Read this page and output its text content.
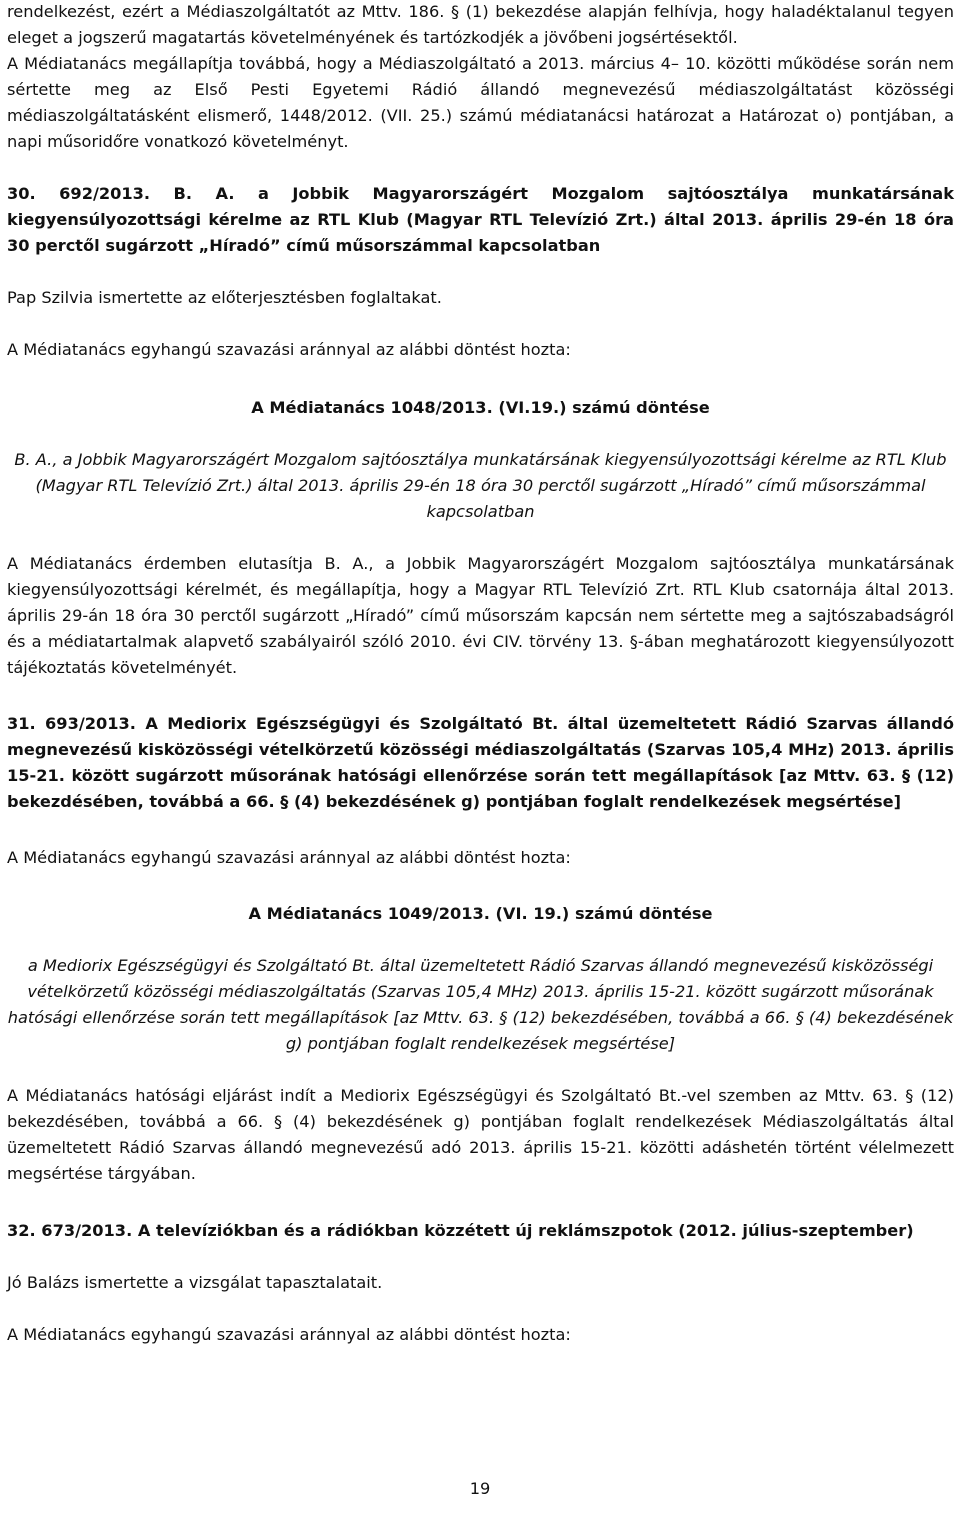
rendelkezést, ezért a Médiaszolgáltatót az Mttv. 186. § (1) bekezdése alapján felhívja, hogy haladéktalanul tegyen eleget a jogszerű magatartás követelményének és tartózkodjék a jövőbeni jogsértésektől.

A Médiatanács megállapítja továbbá, hogy a Médiaszolgáltató a 2013. március 4– 10. közötti működése során nem sértette meg az Első Pesti Egyetemi Rádió állandó megnevezésű médiaszolgáltatást közösségi médiaszolgáltatásként elismerő, 1448/2012. (VII. 25.) számú médiatanácsi határozat a Határozat o) pontjában, a napi műsoridőre vonatkozó követelményt.

30. 692/2013. B. A. a Jobbik Magyarországért Mozgalom sajtóosztálya munkatársának kiegyensúlyozottsági kérelme az RTL Klub (Magyar RTL Televízió Zrt.) által 2013. április 29-én 18 óra 30 perctől sugárzott „Híradó” című műsorszámmal kapcsolatban

Pap Szilvia ismertette az előterjesztésben foglaltakat.

A Médiatanács egyhangú szavazási aránnyal az alábbi döntést hozta:

A Médiatanács 1048/2013. (VI.19.) számú döntése

B. A., a Jobbik Magyarországért Mozgalom sajtóosztálya munkatársának kiegyensúlyozottsági kérelme az RTL Klub (Magyar RTL Televízió Zrt.) által 2013. április 29-én 18 óra 30 perctől sugárzott „Híradó” című műsorszámmal kapcsolatban

A Médiatanács érdemben elutasítja B. A., a Jobbik Magyarországért Mozgalom sajtóosztálya munkatársának kiegyensúlyozottsági kérelmét, és megállapítja, hogy a Magyar RTL Televízió Zrt. RTL Klub csatornája által 2013. április 29-án 18 óra 30 perctől sugárzott „Híradó” című műsorszám kapcsán nem sértette meg a sajtószabadságról és a médiatartalmak alapvető szabályairól szóló 2010. évi CIV. törvény 13. §-ában meghatározott kiegyensúlyozott tájékoztatás követelményét.

31. 693/2013. A Mediorix Egészségügyi és Szolgáltató Bt. által üzemeltetett Rádió Szarvas állandó megnevezésű kisközösségi vételkörzetű közösségi médiaszolgáltatás (Szarvas 105,4 MHz) 2013. április 15-21. között sugárzott műsorának hatósági ellenőrzése során tett megállapítások [az Mttv. 63. § (12) bekezdésében, továbbá a 66. § (4) bekezdésének g) pontjában foglalt rendelkezések megsértése]

A Médiatanács egyhangú szavazási aránnyal az alábbi döntést hozta:

A Médiatanács 1049/2013. (VI. 19.) számú döntése

a Mediorix Egészségügyi és Szolgáltató Bt. által üzemeltetett Rádió Szarvas állandó megnevezésű kisközösségi vételkörzetű közösségi médiaszolgáltatás (Szarvas 105,4 MHz) 2013. április 15-21. között sugárzott műsorának hatósági ellenőrzése során tett megállapítások [az Mttv. 63. § (12) bekezdésében, továbbá a 66. § (4) bekezdésének g) pontjában foglalt rendelkezések megsértése]

A Médiatanács hatósági eljárást indít a Mediorix Egészségügyi és Szolgáltató Bt.-vel szemben az Mttv. 63. § (12) bekezdésében, továbbá a 66. § (4) bekezdésének g) pontjában foglalt rendelkezések Médiaszolgáltatás által üzemeltetett Rádió Szarvas állandó megnevezésű adó 2013. április 15-21. közötti adáshetén történt vélelmezett megsértése tárgyában.

32. 673/2013. A televíziókban és a rádiókban közzétett új reklámszpotok (2012. július-szeptember)

Jó Balázs ismertette a vizsgálat tapasztalatait.

A Médiatanács egyhangú szavazási aránnyal az alábbi döntést hozta:

19
